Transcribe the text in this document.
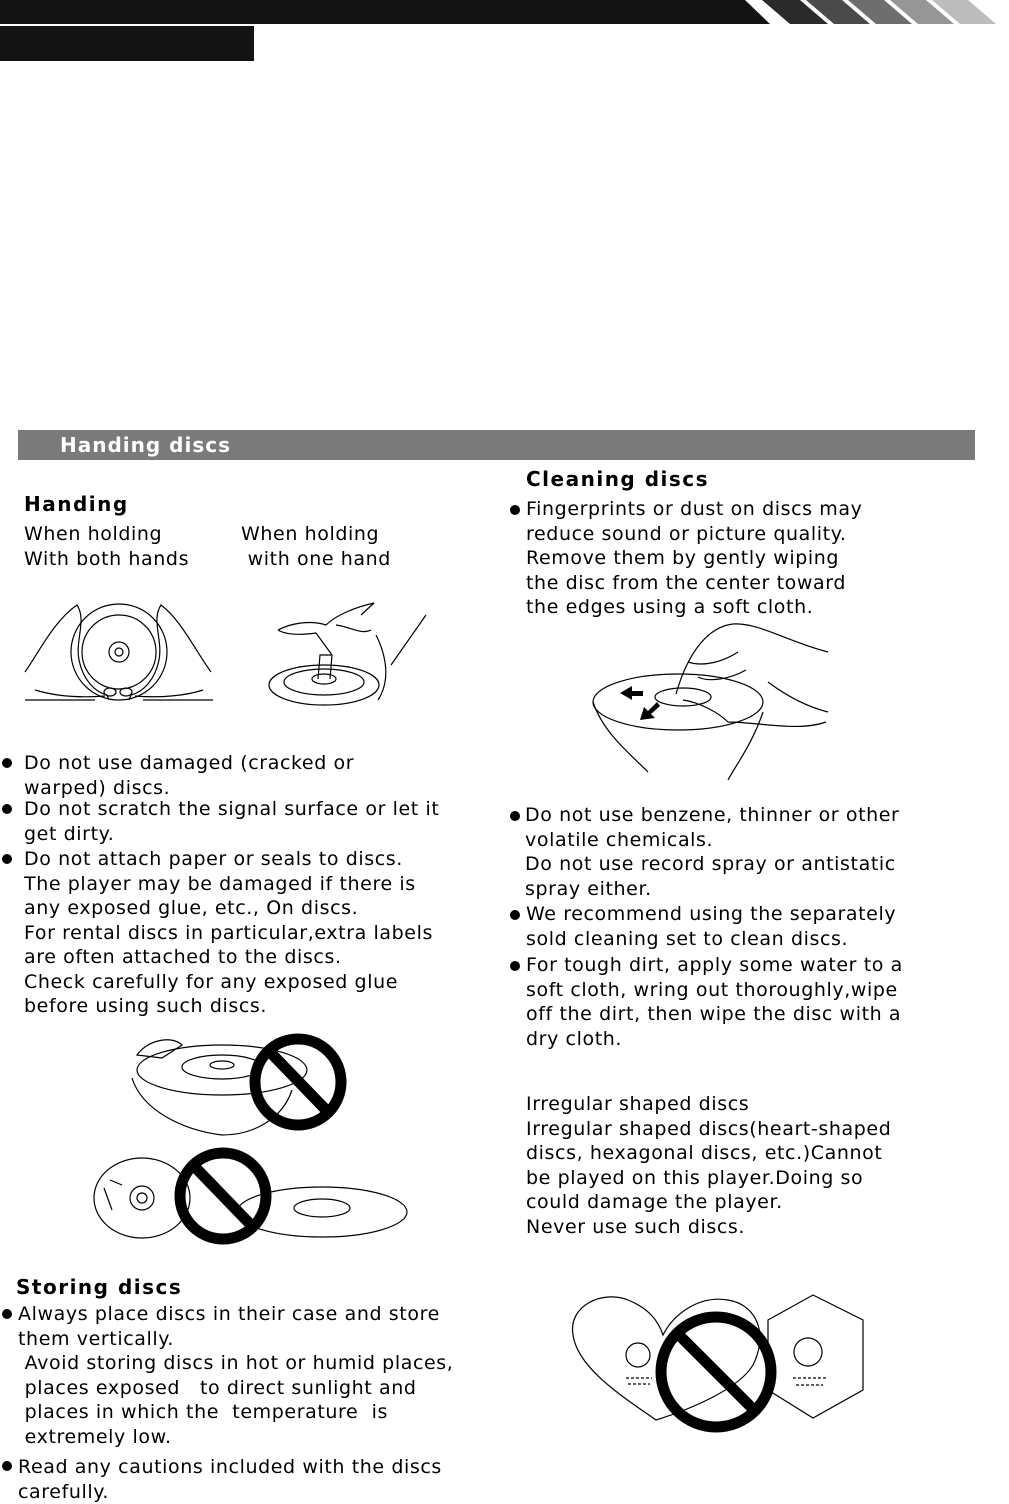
Handing discs
Handing
When holding
With both hands
When holding
with one hand
Do not use damaged (cracked or
warped) discs.
Do not scratch the signal surface or let it
get dirty.
Do not attach paper or seals to discs.
The player may be damaged if there is
any exposed glue, etc., On discs.
For rental discs in particular,extra labels
are often attached to the discs.
Check carefully for any exposed glue
before using such discs.
Storing discs
Always place discs in their case and store
them vertically.
Avoid storing discs in hot or humid places,
places exposed   to direct sunlight and
places in which the  temperature  is
extremely low.
Read any cautions included with the discs
carefully.
Cleaning discs
Fingerprints or dust on discs may
reduce sound or picture quality.
Remove them by gently wiping
the disc from the center toward
the edges using a soft cloth.
Do not use benzene, thinner or other
volatile chemicals.
Do not use record spray or antistatic
spray either.
We recommend using the separately
sold cleaning set to clean discs.
For tough dirt, apply some water to a
soft cloth, wring out thoroughly,wipe
off the dirt, then wipe the disc with a
dry cloth.
Irregular shaped discs
Irregular shaped discs(heart-shaped
discs, hexagonal discs, etc.)Cannot
be played on this player.Doing so
could damage the player.
Never use such discs.
